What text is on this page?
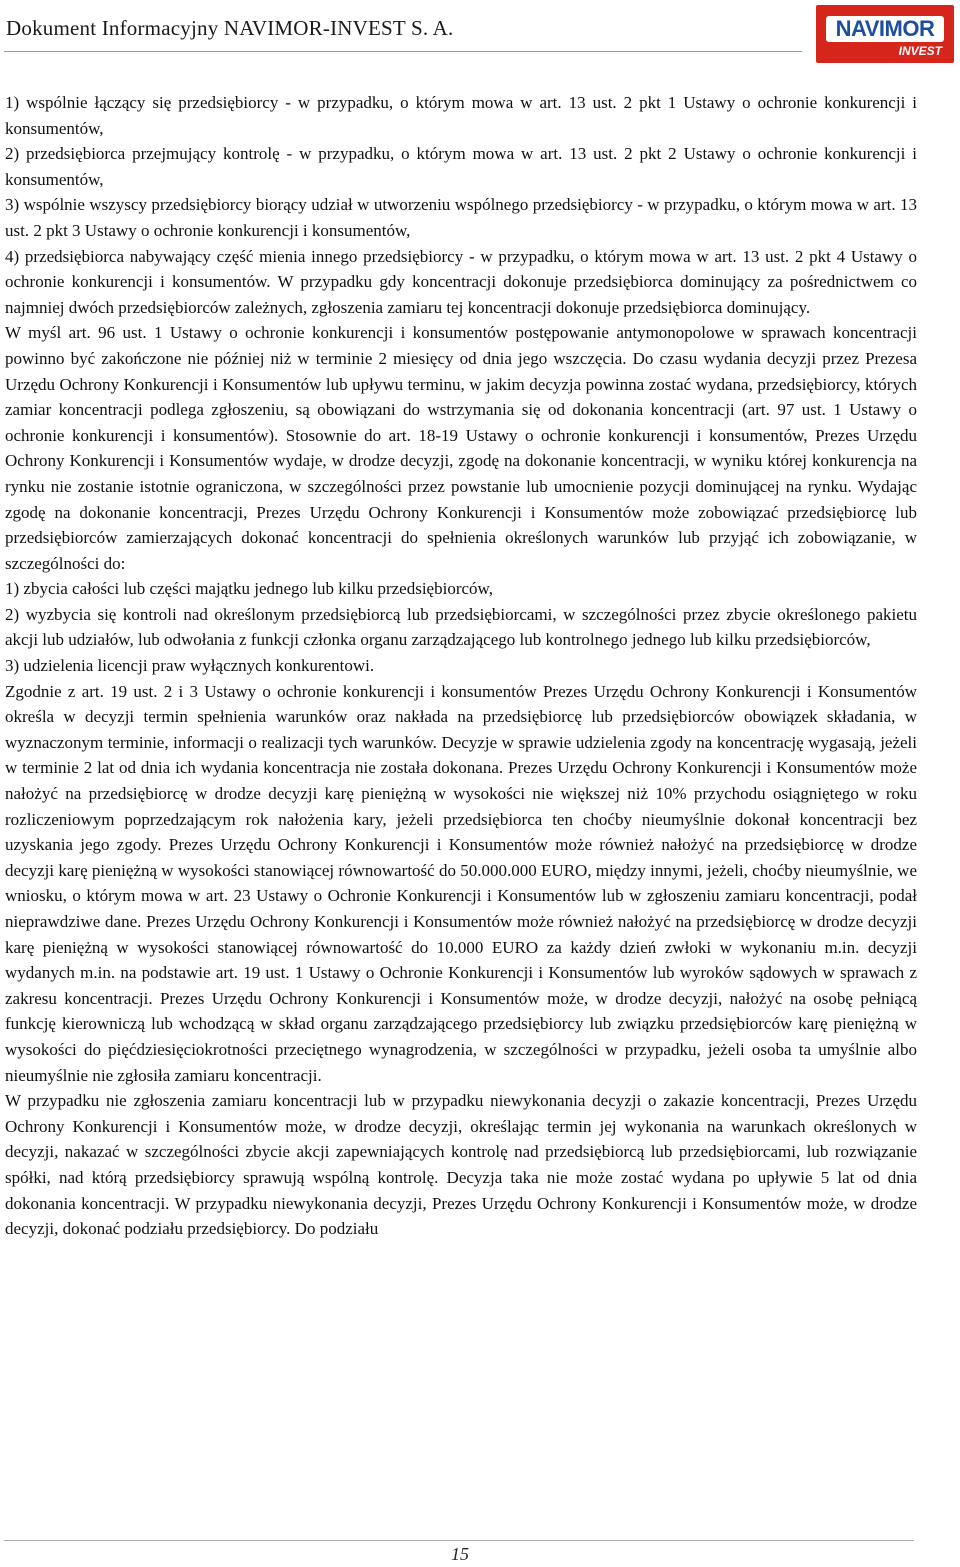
Dokument Informacyjny NAVIMOR-INVEST S. A.	NAVIMOR
INVEST

1) wspólnie łączący się przedsiębiorcy - w przypadku, o którym mowa w art. 13 ust. 2 pkt 1 Ustawy o ochronie konkurencji i konsumentów,

2) przedsiębiorca przejmujący kontrolę - w przypadku, o którym mowa w art. 13 ust. 2 pkt 2 Ustawy o ochronie konkurencji i konsumentów,

3) wspólnie wszyscy przedsiębiorcy biorący udział w utworzeniu wspólnego przedsiębiorcy - w przypadku, o którym mowa w art. 13 ust. 2 pkt 3 Ustawy o ochronie konkurencji i konsumentów,

4) przedsiębiorca nabywający część mienia innego przedsiębiorcy - w przypadku, o którym mowa w art. 13 ust. 2 pkt 4 Ustawy o ochronie konkurencji i konsumentów. W przypadku gdy koncentracji dokonuje przedsiębiorca dominujący za pośrednictwem co najmniej dwóch przedsiębiorców zależnych, zgłoszenia zamiaru tej koncentracji dokonuje przedsiębiorca dominujący.

W myśl art. 96 ust. 1 Ustawy o ochronie konkurencji i konsumentów postępowanie antymonopolowe w sprawach koncentracji powinno być zakończone nie później niż w terminie 2 miesięcy od dnia jego wszczęcia. Do czasu wydania decyzji przez Prezesa Urzędu Ochrony Konkurencji i Konsumentów lub upływu terminu, w jakim decyzja powinna zostać wydana, przedsiębiorcy, których zamiar koncentracji podlega zgłoszeniu, są obowiązani do wstrzymania się od dokonania koncentracji (art. 97 ust. 1 Ustawy o ochronie konkurencji i konsumentów). Stosownie do art. 18-19 Ustawy o ochronie konkurencji i konsumentów, Prezes Urzędu Ochrony Konkurencji i Konsumentów wydaje, w drodze decyzji, zgodę na dokonanie koncentracji, w wyniku której konkurencja na rynku nie zostanie istotnie ograniczona, w szczególności przez powstanie lub umocnienie pozycji dominującej na rynku. Wydając zgodę na dokonanie koncentracji, Prezes Urzędu Ochrony Konkurencji i Konsumentów może zobowiązać przedsiębiorcę lub przedsiębiorców zamierzających dokonać koncentracji do spełnienia określonych warunków lub przyjąć ich zobowiązanie, w szczególności do:

1) zbycia całości lub części majątku jednego lub kilku przedsiębiorców,

2) wyzbycia się kontroli nad określonym przedsiębiorcą lub przedsiębiorcami, w szczególności przez zbycie określonego pakietu akcji lub udziałów, lub odwołania z funkcji członka organu zarządzającego lub kontrolnego jednego lub kilku przedsiębiorców,

3) udzielenia licencji praw wyłącznych konkurentowi.

Zgodnie z art. 19 ust. 2 i 3 Ustawy o ochronie konkurencji i konsumentów Prezes Urzędu Ochrony Konkurencji i Konsumentów określa w decyzji termin spełnienia warunków oraz nakłada na przedsiębiorcę lub przedsiębiorców obowiązek składania, w wyznaczonym terminie, informacji o realizacji tych warunków. Decyzje w sprawie udzielenia zgody na koncentrację wygasają, jeżeli w terminie 2 lat od dnia ich wydania koncentracja nie została dokonana. Prezes Urzędu Ochrony Konkurencji i Konsumentów może nałożyć na przedsiębiorcę w drodze decyzji karę pieniężną w wysokości nie większej niż 10% przychodu osiągniętego w roku rozliczeniowym poprzedzającym rok nałożenia kary, jeżeli przedsiębiorca ten choćby nieumyślnie dokonał koncentracji bez uzyskania jego zgody. Prezes Urzędu Ochrony Konkurencji i Konsumentów może również nałożyć na przedsiębiorcę w drodze decyzji karę pieniężną w wysokości stanowiącej równowartość do 50.000.000 EURO, między innymi, jeżeli, choćby nieumyślnie, we wniosku, o którym mowa w art. 23 Ustawy o Ochronie Konkurencji i Konsumentów lub w zgłoszeniu zamiaru koncentracji, podał nieprawdziwe dane. Prezes Urzędu Ochrony Konkurencji i Konsumentów może również nałożyć na przedsiębiorcę w drodze decyzji karę pieniężną w wysokości stanowiącej równowartość do 10.000 EURO za każdy dzień zwłoki w wykonaniu m.in. decyzji wydanych m.in. na podstawie art. 19 ust. 1 Ustawy o Ochronie Konkurencji i Konsumentów lub wyroków sądowych w sprawach z zakresu koncentracji. Prezes Urzędu Ochrony Konkurencji i Konsumentów może, w drodze decyzji, nałożyć na osobę pełniącą funkcję kierowniczą lub wchodzącą w skład organu zarządzającego przedsiębiorcy lub związku przedsiębiorców karę pieniężną w wysokości do pięćdziesięciokrotności przeciętnego wynagrodzenia, w szczególności w przypadku, jeżeli osoba ta umyślnie albo nieumyślnie nie zgłosiła zamiaru koncentracji.

W przypadku nie zgłoszenia zamiaru koncentracji lub w przypadku niewykonania decyzji o zakazie koncentracji, Prezes Urzędu Ochrony Konkurencji i Konsumentów może, w drodze decyzji, określając termin jej wykonania na warunkach określonych w decyzji, nakazać w szczególności zbycie akcji zapewniających kontrolę nad przedsiębiorcą lub przedsiębiorcami, lub rozwiązanie spółki, nad którą przedsiębiorcy sprawują wspólną kontrolę. Decyzja taka nie może zostać wydana po upływie 5 lat od dnia dokonania koncentracji. W przypadku niewykonania decyzji, Prezes Urzędu Ochrony Konkurencji i Konsumentów może, w drodze decyzji, dokonać podziału przedsiębiorcy. Do podziału

15
